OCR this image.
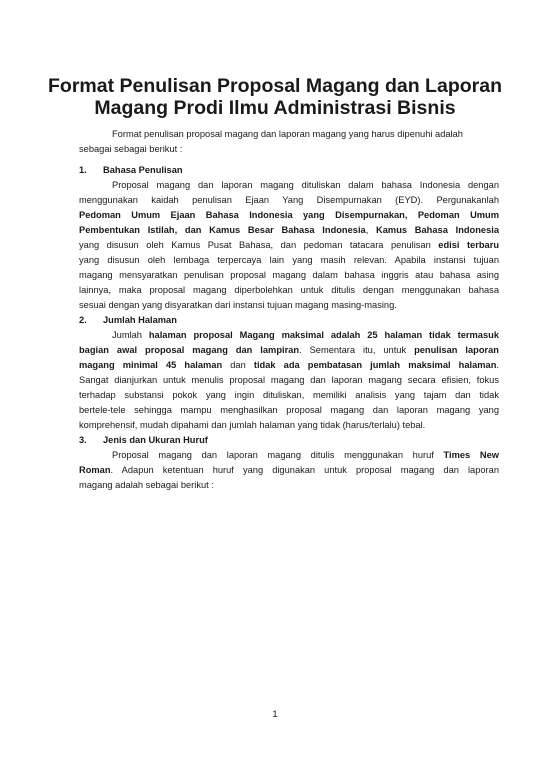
Format Penulisan Proposal Magang dan Laporan
Magang Prodi Ilmu Administrasi Bisnis
Format penulisan proposal magang dan laporan magang yang harus dipenuhi adalah
sebagai sebagai berikut :
1. Bahasa Penulisan
Proposal magang dan laporan magang dituliskan dalam bahasa Indonesia dengan
menggunakan kaidah penulisan Ejaan Yang Disempurnakan (EYD). Pergunakanlah
Pedoman Umum Ejaan Bahasa Indonesia yang Disempurnakan, Pedoman Umum
Pembentukan Istilah, dan Kamus Besar Bahasa Indonesia, Kamus Bahasa Indonesia
yang disusun oleh Kamus Pusat Bahasa, dan pedoman tatacara penulisan edisi terbaru
yang disusun oleh lembaga terpercaya lain yang masih relevan. Apabila instansi tujuan
magang mensyaratkan penulisan proposal magang dalam bahasa inggris atau bahasa asing
lainnya, maka proposal magang diperbolehkan untuk ditulis dengan menggunakan bahasa
sesuai dengan yang disyaratkan dari instansi tujuan magang masing-masing.
2. Jumlah Halaman
Jumlah halaman proposal Magang maksimal adalah 25 halaman tidak termasuk
bagian awal proposal magang dan lampiran. Sementara itu, untuk penulisan laporan
magang minimal 45 halaman dan tidak ada pembatasan jumlah maksimal halaman.
Sangat dianjurkan untuk menulis proposal magang dan laporan magang secara efisien, fokus
terhadap substansi pokok yang ingin dituliskan, memiliki analisis yang tajam dan tidak
bertele-tele sehingga mampu menghasilkan proposal magang dan laporan magang yang
komprehensif, mudah dipahami dan jumlah halaman yang tidak (harus/terlalu) tebal.
3. Jenis dan Ukuran Huruf
Proposal magang dan laporan magang ditulis menggunakan huruf Times New
Roman. Adapun ketentuan huruf yang digunakan untuk proposal magang dan laporan
magang adalah sebagai berikut :
1
